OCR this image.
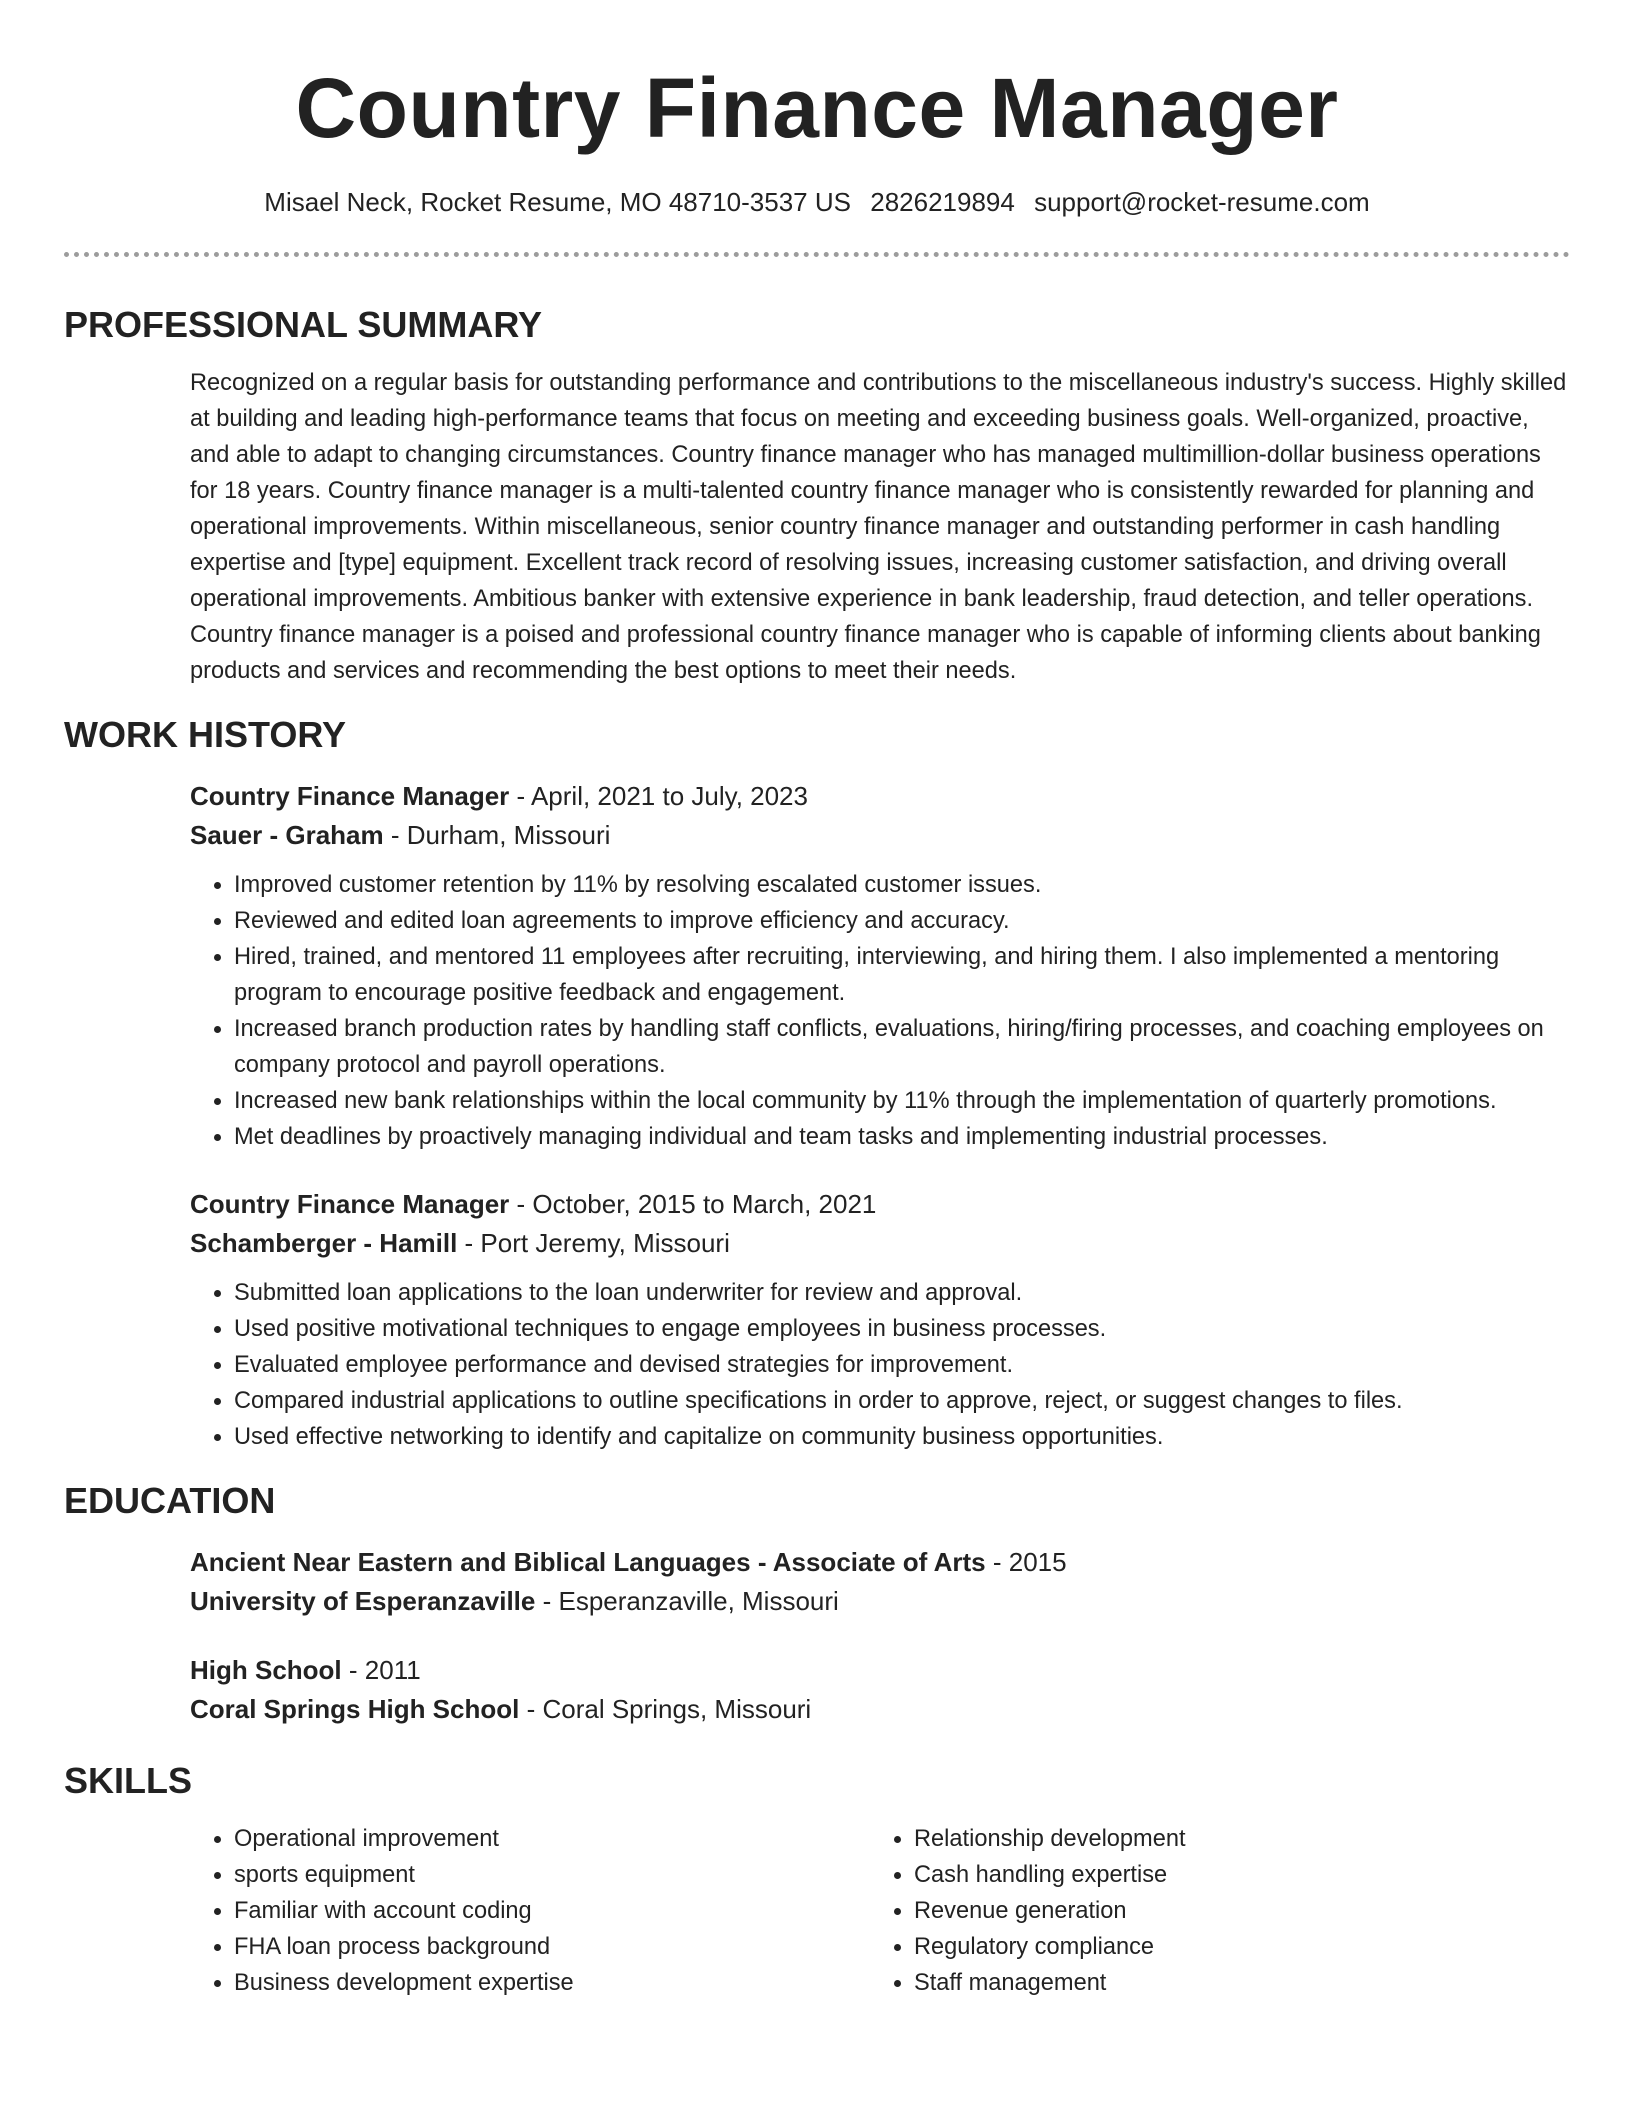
Country Finance Manager
Misael Neck, Rocket Resume, MO 48710-3537 US 2826219894 support@rocket-resume.com
PROFESSIONAL SUMMARY

Recognized on a regular basis for outstanding performance and contributions to the miscellaneous industry's success. Highly skilled at building and leading high-performance teams that focus on meeting and exceeding business goals. Well-organized, proactive, and able to adapt to changing circumstances. Country finance manager who has managed multimillion-dollar business operations for 18 years. Country finance manager is a multi-talented country finance manager who is consistently rewarded for planning and operational improvements. Within miscellaneous, senior country finance manager and outstanding performer in cash handling expertise and [type] equipment. Excellent track record of resolving issues, increasing customer satisfaction, and driving overall operational improvements. Ambitious banker with extensive experience in bank leadership, fraud detection, and teller operations. Country finance manager is a poised and professional country finance manager who is capable of informing clients about banking products and services and recommending the best options to meet their needs.

WORK HISTORY
Country Finance Manager - April, 2021 to July, 2023
Sauer - Graham - Durham, Missouri
• Improved customer retention by 11% by resolving escalated customer issues.
• Reviewed and edited loan agreements to improve efficiency and accuracy.
• Hired, trained, and mentored 11 employees after recruiting, interviewing, and hiring them. I also implemented a mentoring program to encourage positive feedback and engagement.
• Increased branch production rates by handling staff conflicts, evaluations, hiring/firing processes, and coaching employees on company protocol and payroll operations.
• Increased new bank relationships within the local community by 11% through the implementation of quarterly promotions.
• Met deadlines by proactively managing individual and team tasks and implementing industrial processes.
Country Finance Manager - October, 2015 to March, 2021
Schamberger - Hamill - Port Jeremy, Missouri
• Submitted loan applications to the loan underwriter for review and approval.
• Used positive motivational techniques to engage employees in business processes.
• Evaluated employee performance and devised strategies for improvement.
• Compared industrial applications to outline specifications in order to approve, reject, or suggest changes to files.
• Used effective networking to identify and capitalize on community business opportunities.
EDUCATION
Ancient Near Eastern and Biblical Languages - Associate of Arts - 2015
University of Esperanzaville - Esperanzaville, Missouri
High School - 2011
Coral Springs High School - Coral Springs, Missouri
SKILLS
• Operational improvement
• sports equipment
• Familiar with account coding
• FHA loan process background
• Business development expertise
• Relationship development
• Cash handling expertise
• Revenue generation
• Regulatory compliance
• Staff management
